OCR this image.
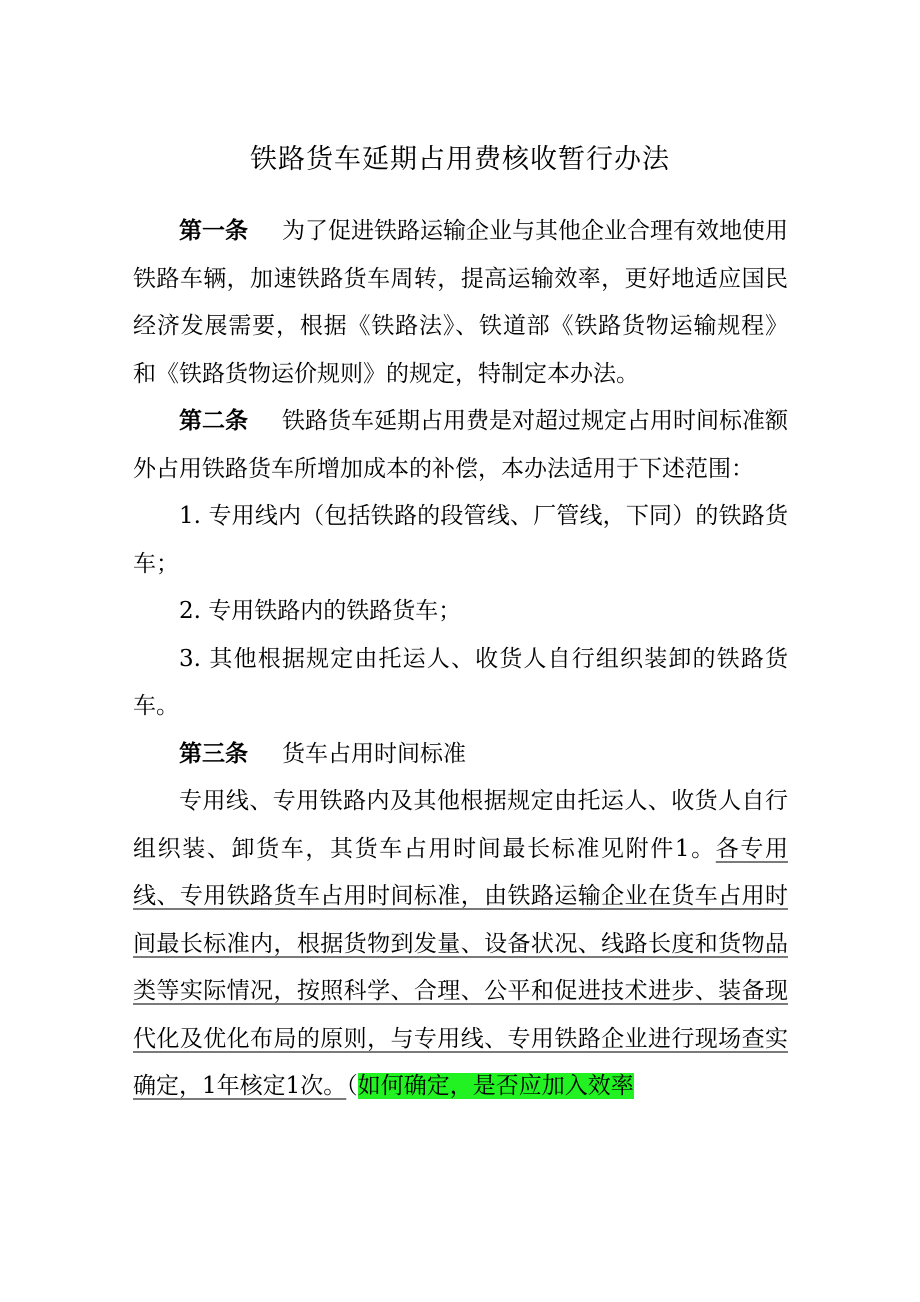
铁路货车延期占用费核收暂行办法

第一条 为了促进铁路运输企业与其他企业合理有效地使用铁路车辆，加速铁路货车周转，提高运输效率，更好地适应国民经济发展需要，根据《铁路法》、铁道部《铁路货物运输规程》和《铁路货物运价规则》的规定，特制定本办法。

第二条 铁路货车延期占用费是对超过规定占用时间标准额外占用铁路货车所增加成本的补偿，本办法适用于下述范围：

1. 专用线内（包括铁路的段管线、厂管线，下同）的铁路货车；

2. 专用铁路内的铁路货车；

3. 其他根据规定由托运人、收货人自行组织装卸的铁路货车。

第三条 货车占用时间标准

专用线、专用铁路内及其他根据规定由托运人、收货人自行组织装、卸货车，其货车占用时间最长标准见附件1。各专用线、专用铁路货车占用时间标准，由铁路运输企业在货车占用时间最长标准内，根据货物到发量、设备状况、线路长度和货物品类等实际情况，按照科学、合理、公平和促进技术进步、装备现代化及优化布局的原则，与专用线、专用铁路企业进行现场查实确定，1年核定1次。（如何确定，是否应加入效率
